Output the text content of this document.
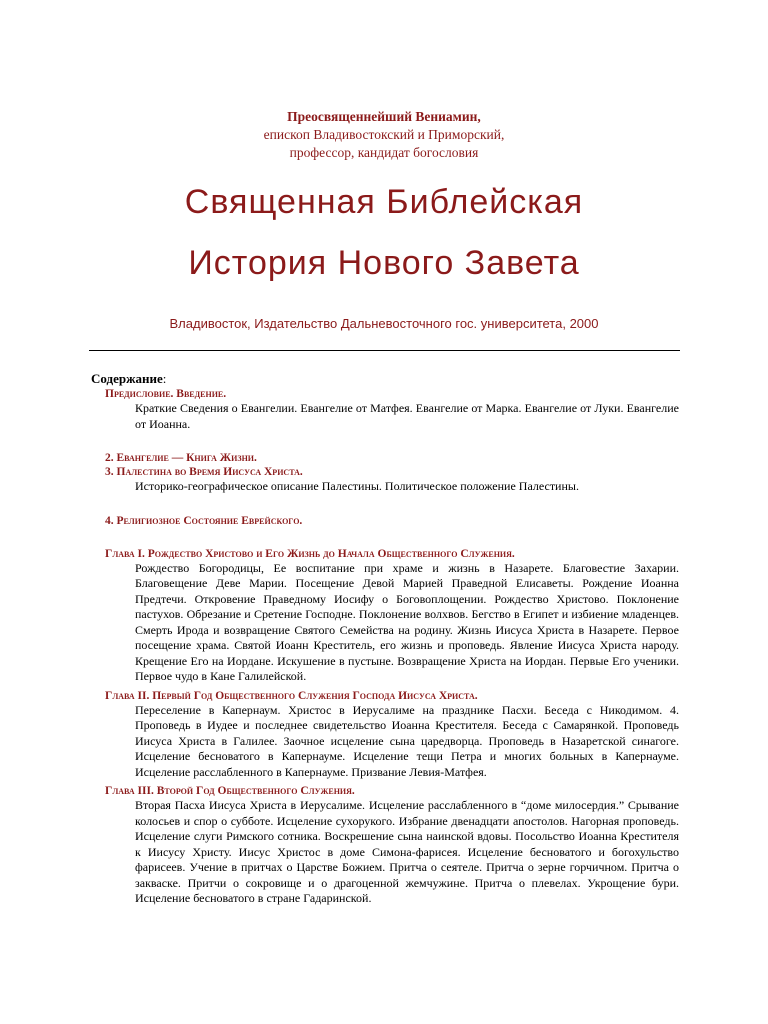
Преосвященнейший Вениамин,
епископ Владивостокский и Приморский,
профессор, кандидат богословия
Священная Библейская
История Нового Завета
Владивосток, Издательство Дальневосточного гос. университета, 2000
Содержание:
Предисловие. Введение.
Краткие Сведения о Евангелии. Евангелие от Матфея. Евангелие от Марка. Евангелие от Луки. Евангелие от Иоанна.
2. Евангелие — Книга Жизни.
3. Палестина во Время Иисуса Христа.
Историко-географическое описание Палестины. Политическое положение Палестины.
4. Религиозное Состояние Еврейского.
Глава I. Рождество Христово и Его Жизнь до Начала Общественного Служения.
Рождество Богородицы, Ее воспитание при храме и жизнь в Назарете. Благовестие Захарии. Благовещение Деве Марии. Посещение Девой Марией Праведной Елисаветы. Рождение Иоанна Предтечи. Откровение Праведному Иосифу о Боговоплощении. Рождество Христово. Поклонение пастухов. Обрезание и Сретение Господне. Поклонение волхвов. Бегство в Египет и избиение младенцев. Смерть Ирода и возвращение Святого Семейства на родину. Жизнь Иисуса Христа в Назарете. Первое посещение храма. Святой Иоанн Креститель, его жизнь и проповедь. Явление Иисуса Христа народу. Крещение Его на Иордане. Искушение в пустыне. Возвращение Христа на Иордан. Первые Его ученики. Первое чудо в Кане Галилейской.
Глава II. Первый Год Общественного Служения Господа Иисуса Христа.
Переселение в Капернаум. Христос в Иерусалиме на празднике Пасхи. Беседа с Никодимом. 4. Проповедь в Иудее и последнее свидетельство Иоанна Крестителя. Беседа с Самарянкой. Проповедь Иисуса Христа в Галилее. Заочное исцеление сына царедворца. Проповедь в Назаретской синагоге. Исцеление бесноватого в Капернауме. Исцеление тещи Петра и многих больных в Капернауме. Исцеление расслабленного в Капернауме. Призвание Левия-Матфея.
Глава III. Второй Год Общественного Служения.
Вторая Пасха Иисуса Христа в Иерусалиме. Исцеление расслабленного в “доме милосердия.” Срывание колосьев и спор о субботе. Исцеление сухорукого. Избрание двенадцати апостолов. Нагорная проповедь. Исцеление слуги Римского сотника. Воскрешение сына наинской вдовы. Посольство Иоанна Крестителя к Иисусу Христу. Иисус Христос в доме Симона-фарисея. Исцеление бесноватого и богохульство фарисеев. Учение в притчах о Царстве Божием. Притча о сеятеле. Притча о зерне горчичном. Притча о закваске. Притчи о сокровище и о драгоценной жемчужине. Притча о плевелах. Укрощение бури. Исцеление бесноватого в стране Гадаринской.
